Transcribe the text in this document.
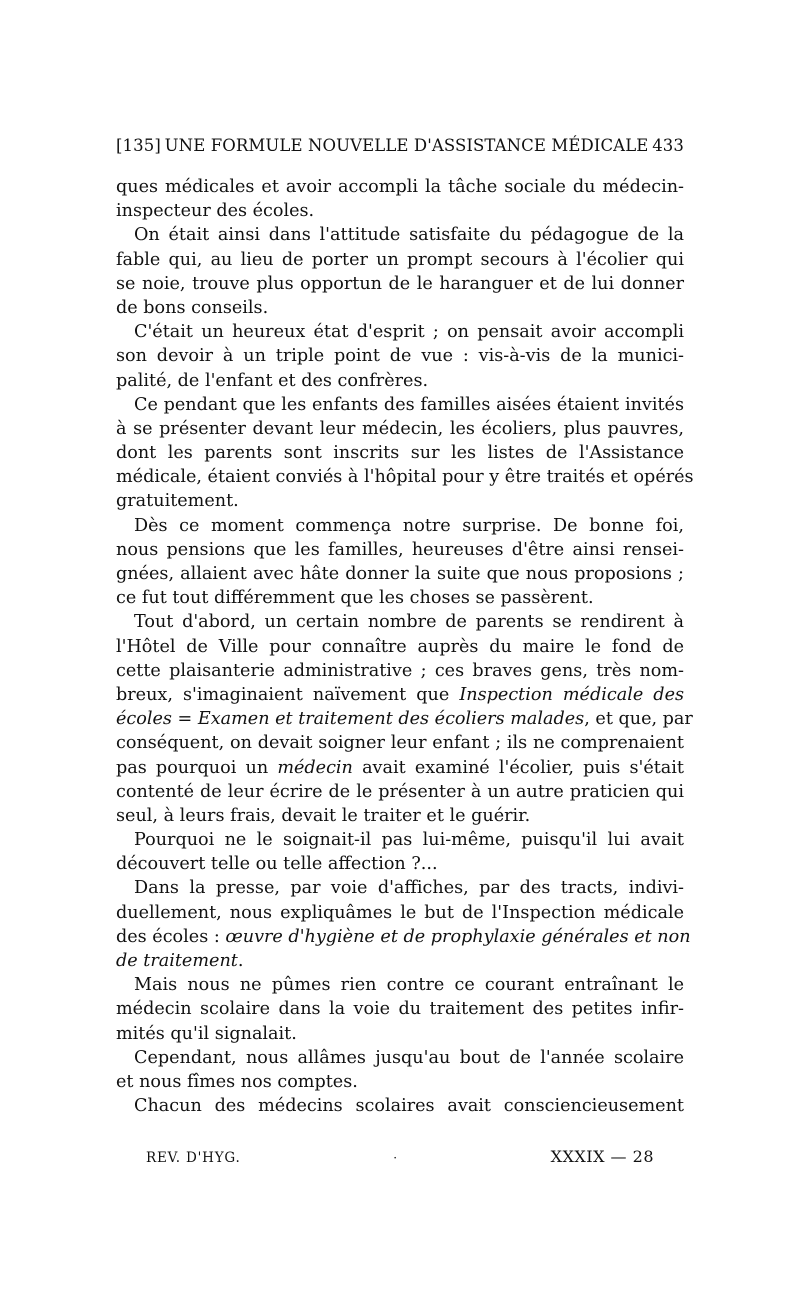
[135] UNE FORMULE NOUVELLE D'ASSISTANCE MÉDICALE 433
ques médicales et avoir accompli la tâche sociale du médecin-
inspecteur des écoles.
On était ainsi dans l'attitude satisfaite du pédagogue de la
fable qui, au lieu de porter un prompt secours à l'écolier qui
se noie, trouve plus opportun de le haranguer et de lui donner
de bons conseils.
C'était un heureux état d'esprit ; on pensait avoir accompli
son devoir à un triple point de vue : vis-à-vis de la munici-
palité, de l'enfant et des confrères.
Ce pendant que les enfants des familles aisées étaient invités
à se présenter devant leur médecin, les écoliers, plus pauvres,
dont les parents sont inscrits sur les listes de l'Assistance
médicale, étaient conviés à l'hôpital pour y être traités et opérés
gratuitement.
Dès ce moment commença notre surprise. De bonne foi,
nous pensions que les familles, heureuses d'être ainsi rensei-
gnées, allaient avec hâte donner la suite que nous proposions ;
ce fut tout différemment que les choses se passèrent.
Tout d'abord, un certain nombre de parents se rendirent à
l'Hôtel de Ville pour connaître auprès du maire le fond de
cette plaisanterie administrative ; ces braves gens, très nom-
breux, s'imaginaient naïvement que Inspection médicale des
écoles = Examen et traitement des écoliers malades, et que, par
conséquent, on devait soigner leur enfant ; ils ne comprenaient
pas pourquoi un médecin avait examiné l'écolier, puis s'était
contenté de leur écrire de le présenter à un autre praticien qui
seul, à leurs frais, devait le traiter et le guérir.
Pourquoi ne le soignait-il pas lui-même, puisqu'il lui avait
découvert telle ou telle affection ?...
Dans la presse, par voie d'affiches, par des tracts, indivi-
duellement, nous expliquâmes le but de l'Inspection médicale
des écoles : œuvre d'hygiène et de prophylaxie générales et non
de traitement.
Mais nous ne pûmes rien contre ce courant entraînant le
médecin scolaire dans la voie du traitement des petites infir-
mités qu'il signalait.
Cependant, nous allâmes jusqu'au bout de l'année scolaire
et nous fîmes nos comptes.
Chacun des médecins scolaires avait consciencieusement
REV. D'HYG.	·	XXXIX — 28
